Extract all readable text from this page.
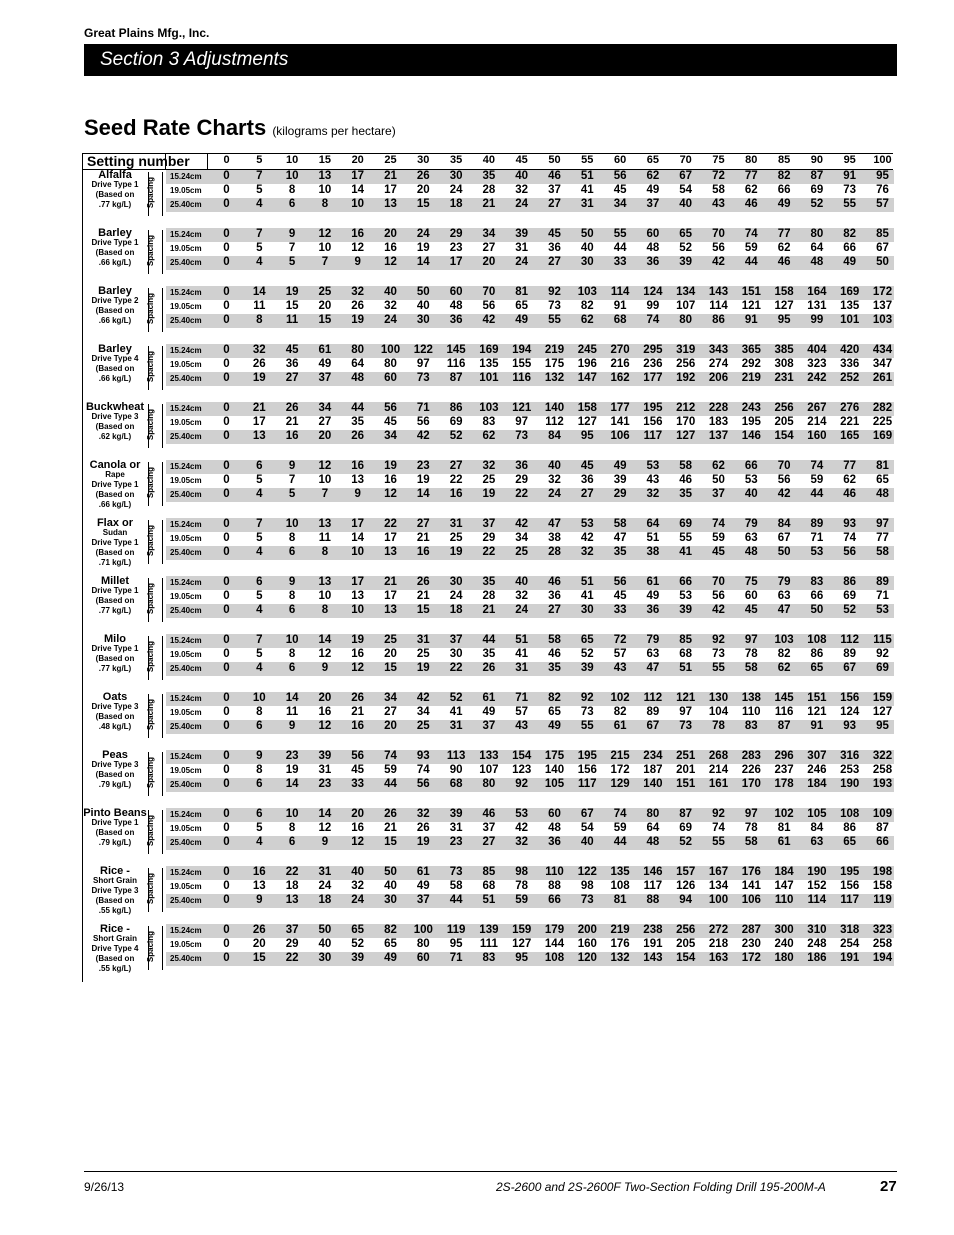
Great Plains Mfg., Inc.
Section 3 Adjustments
Seed Rate Charts (kilograms per hectare)
Setting number	0	5	10	15	20	25	30	35	40	45	50	55	60	65	70	75	80	85	90	95	100
Alfalfa
Drive Type 1
(Based on
.77 kg/L)	Spacing
15.24cm	0	7	10	13	17	21	26	30	35	40	46	51	56	62	67	72	77	82	87	91	95
19.05cm	0	5	8	10	14	17	20	24	28	32	37	41	45	49	54	58	62	66	69	73	76
25.40cm	0	4	6	8	10	13	15	18	21	24	27	31	34	37	40	43	46	49	52	55	57
Barley
Drive Type 1
(Based on
.66 kg/L)	Spacing
15.24cm	0	7	9	12	16	20	24	29	34	39	45	50	55	60	65	70	74	77	80	82	85
19.05cm	0	5	7	10	12	16	19	23	27	31	36	40	44	48	52	56	59	62	64	66	67
25.40cm	0	4	5	7	9	12	14	17	20	24	27	30	33	36	39	42	44	46	48	49	50
Barley
Drive Type 2
(Based on
.66 kg/L)	Spacing
15.24cm	0	14	19	25	32	40	50	60	70	81	92	103	114	124	134	143	151	158	164	169	172
19.05cm	0	11	15	20	26	32	40	48	56	65	73	82	91	99	107	114	121	127	131	135	137
25.40cm	0	8	11	15	19	24	30	36	42	49	55	62	68	74	80	86	91	95	99	101	103
Barley
Drive Type 4
(Based on
.66 kg/L)	Spacing
15.24cm	0	32	45	61	80	100	122	145	169	194	219	245	270	295	319	343	365	385	404	420	434
19.05cm	0	26	36	49	64	80	97	116	135	155	175	196	216	236	256	274	292	308	323	336	347
25.40cm	0	19	27	37	48	60	73	87	101	116	132	147	162	177	192	206	219	231	242	252	261
Buckwheat
Drive Type 3
(Based on
.62 kg/L)	Spacing
15.24cm	0	21	26	34	44	56	71	86	103	121	140	158	177	195	212	228	243	256	267	276	282
19.05cm	0	17	21	27	35	45	56	69	83	97	112	127	141	156	170	183	195	205	214	221	225
25.40cm	0	13	16	20	26	34	42	52	62	73	84	95	106	117	127	137	146	154	160	165	169
Canola or
Rape
Drive Type 1
(Based on
.66 kg/L)
Spacing
15.24cm	0	6	9	12	16	19	23	27	32	36	40	45	49	53	58	62	66	70	74	77	81
19.05cm	0	5	7	10	13	16	19	22	25	29	32	36	39	43	46	50	53	56	59	62	65
25.40cm	0	4	5	7	9	12	14	16	19	22	24	27	29	32	35	37	40	42	44	46	48
Flax or
Sudan
Drive Type 1
(Based on
.71 kg/L)
Spacing
15.24cm	0	7	10	13	17	22	27	31	37	42	47	53	58	64	69	74	79	84	89	93	97
19.05cm	0	5	8	11	14	17	21	25	29	34	38	42	47	51	55	59	63	67	71	74	77
25.40cm	0	4	6	8	10	13	16	19	22	25	28	32	35	38	41	45	48	50	53	56	58
Millet
Drive Type 1
(Based on
.77 kg/L)	Spacing
15.24cm	0	6	9	13	17	21	26	30	35	40	46	51	56	61	66	70	75	79	83	86	89
19.05cm	0	5	8	10	13	17	21	24	28	32	36	41	45	49	53	56	60	63	66	69	71
25.40cm	0	4	6	8	10	13	15	18	21	24	27	30	33	36	39	42	45	47	50	52	53
Milo
Drive Type 1
(Based on
.77 kg/L)	Spacing
15.24cm	0	7	10	14	19	25	31	37	44	51	58	65	72	79	85	92	97	103	108	112	115
19.05cm	0	5	8	12	16	20	25	30	35	41	46	52	57	63	68	73	78	82	86	89	92
25.40cm	0	4	6	9	12	15	19	22	26	31	35	39	43	47	51	55	58	62	65	67	69
Oats
Drive Type 3
(Based on
.48 kg/L)	Spacing
15.24cm	0	10	14	20	26	34	42	52	61	71	82	92	102	112	121	130	138	145	151	156	159
19.05cm	0	8	11	16	21	27	34	41	49	57	65	73	82	89	97	104	110	116	121	124	127
25.40cm	0	6	9	12	16	20	25	31	37	43	49	55	61	67	73	78	83	87	91	93	95
Peas
Drive Type 3
(Based on
.79 kg/L)	Spacing
15.24cm	0	9	23	39	56	74	93	113	133	154	175	195	215	234	251	268	283	296	307	316	322
19.05cm	0	8	19	31	45	59	74	90	107	123	140	156	172	187	201	214	226	237	246	253	258
25.40cm	0	6	14	23	33	44	56	68	80	92	105	117	129	140	151	161	170	178	184	190	193
Pinto Beans
Drive Type 1
(Based on
.79 kg/L)	Spacing
15.24cm	0	6	10	14	20	26	32	39	46	53	60	67	74	80	87	92	97	102	105	108	109
19.05cm	0	5	8	12	16	21	26	31	37	42	48	54	59	64	69	74	78	81	84	86	87
25.40cm	0	4	6	9	12	15	19	23	27	32	36	40	44	48	52	55	58	61	63	65	66
Rice -
Short Grain
Drive Type 3
(Based on
.55 kg/L)
Spacing
15.24cm	0	16	22	31	40	50	61	73	85	98	110	122	135	146	157	167	176	184	190	195	198
19.05cm	0	13	18	24	32	40	49	58	68	78	88	98	108	117	126	134	141	147	152	156	158
25.40cm	0	9	13	18	24	30	37	44	51	59	66	73	81	88	94	100	106	110	114	117	119
Rice -
Short Grain
Drive Type 4
(Based on
.55 kg/L)
Spacing
15.24cm	0	26	37	50	65	82	100	119	139	159	179	200	219	238	256	272	287	300	310	318	323
19.05cm	0	20	29	40	52	65	80	95	111	127	144	160	176	191	205	218	230	240	248	254	258
25.40cm	0	15	22	30	39	49	60	71	83	95	108	120	132	143	154	163	172	180	186	191	194
9/26/13	2S-2600 and 2S-2600F Two-Section Folding Drill 195-200M-A	27
